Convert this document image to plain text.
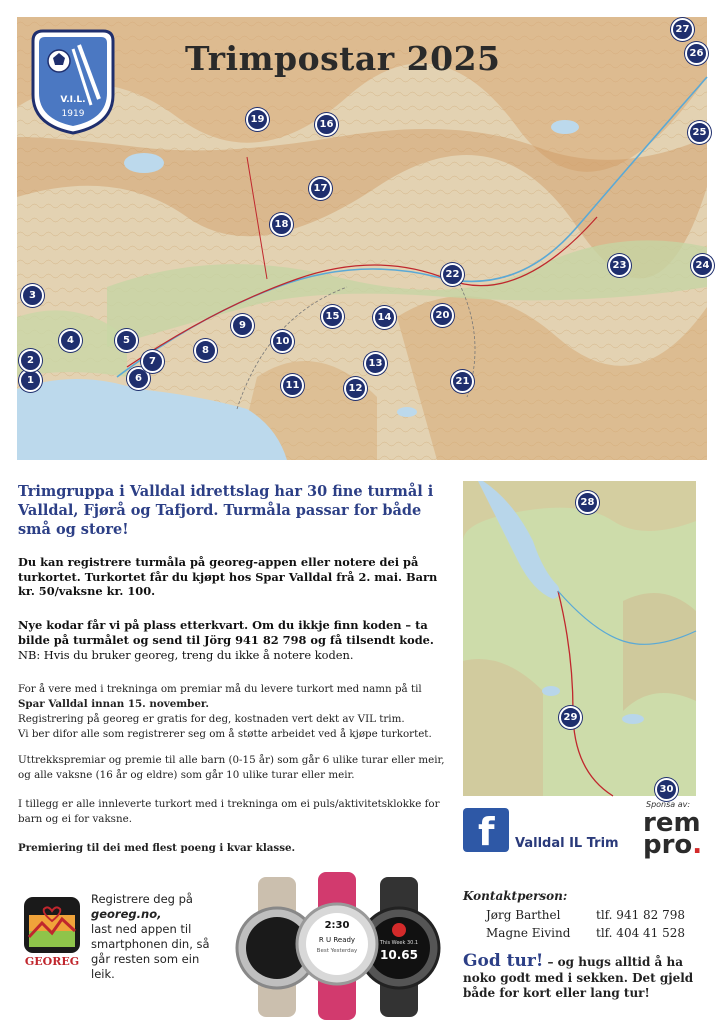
V.I.L.
1919
Trimpostar 2025
1
2
3
4	5
6
7
8
9
10
11	12
13
14
15
16
17
18
19
20
21
22
23	24
25
26
27
28
29
30
Trimgruppa i Valldal idrettslag har 30 fine turmål i Valldal, Fjørå og Tafjord. Turmåla passar for både små og store!
Du kan registrere turmåla på georeg-appen eller notere dei på turkortet. Turkortet får du kjøpt hos Spar Valldal frå 2. mai. Barn kr. 50/vaksne kr. 100.
Nye kodar får vi på plass etterkvart. Om du ikkje finn koden – ta bilde på turmålet og send til Jörg 941 82 798 og få tilsendt kode.
NB: Hvis du bruker georeg, treng du ikke å notere koden.
For å vere med i trekninga om premiar må du levere turkort med namn på til
Spar Valldal innan 15. november.
Registrering på georeg er gratis for deg, kostnaden vert dekt av VIL trim.
Vi ber difor alle som registrerer seg om å støtte arbeidet ved å kjøpe turkortet.
Uttrekkspremiar og premie til alle barn (0-15 år) som går 6 ulike turar eller meir, og alle vaksne (16 år og eldre) som går 10 ulike turar eller meir.
I tillegg er alle innleverte turkort med i trekninga om ei puls/aktivitetsklokke for barn og ei for vaksne.
Premiering til dei med flest poeng i kvar klasse.	f Valldal IL Trim
Sponsa av:
rem
pro.
GEOREG
Registrere deg på
georeg.no,
last ned appen til smartphonen din, så går resten som ein leik.
2:30
R U Ready
Best Yesterday
This Week 30.1
10.65
Kontaktperson:
Jørg Barthel	tlf. 941 82 798
Magne Eivind tlf. 404 41 528
God tur! – og hugs alltid å ha noko godt med i sekken. Det gjeld både for kort eller lang tur!
